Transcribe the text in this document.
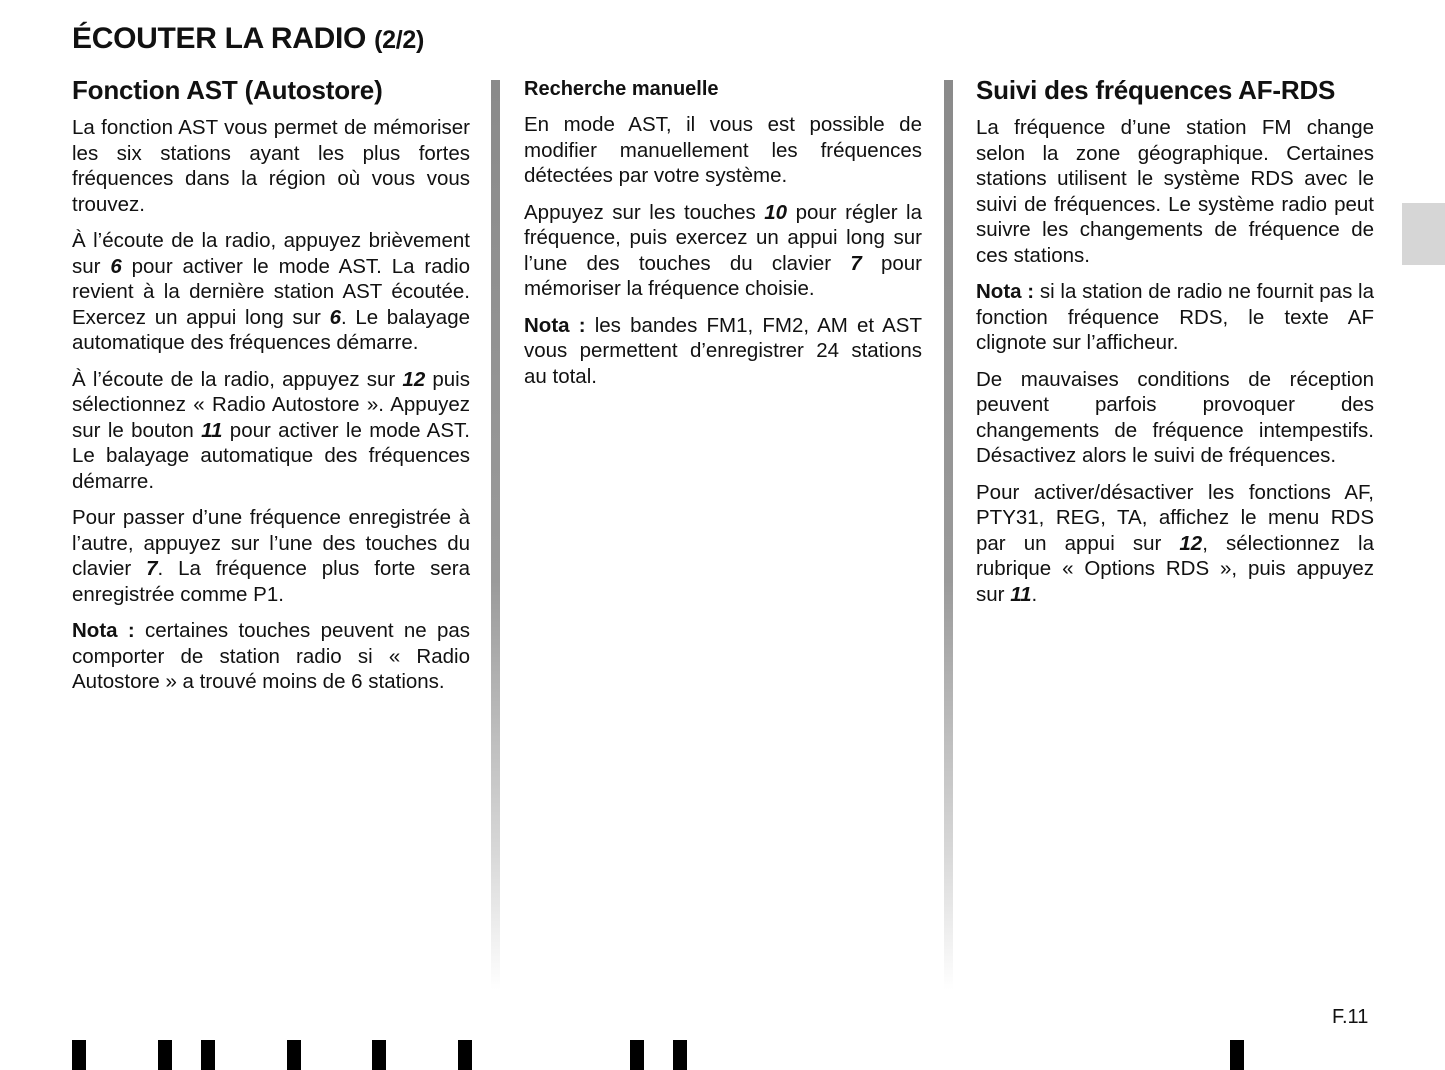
ÉCOUTER LA RADIO (2/2)
Fonction AST (Autostore)

La fonction AST vous permet de mémoriser les six stations ayant les plus fortes fréquences dans la région où vous vous trouvez.

À l’écoute de la radio, appuyez brièvement sur 6 pour activer le mode AST. La radio revient à la dernière station AST écoutée. Exercez un appui long sur 6. Le balayage automatique des fréquences démarre.

À l’écoute de la radio, appuyez sur 12 puis sélectionnez « Radio Autostore ». Appuyez sur le bouton 11 pour activer le mode AST. Le balayage automatique des fréquences démarre.

Pour passer d’une fréquence enregistrée à l’autre, appuyez sur l’une des touches du clavier 7. La fréquence plus forte sera enregistrée comme P1.

Nota : certaines touches peuvent ne pas comporter de station radio si « Radio Autostore » a trouvé moins de 6 stations.

Recherche manuelle

En mode AST, il vous est possible de modifier manuellement les fréquences détectées par votre système.

Appuyez sur les touches 10 pour régler la fréquence, puis exercez un appui long sur l’une des touches du clavier 7 pour mémoriser la fréquence choisie.

Nota : les bandes FM1, FM2, AM et AST vous permettent d’enregistrer 24 stations au total.

Suivi des fréquences AF-RDS

La fréquence d’une station FM change selon la zone géographique. Certaines stations utilisent le système RDS avec le suivi de fréquences. Le système radio peut suivre les changements de fréquence de ces stations.

Nota : si la station de radio ne fournit pas la fonction fréquence RDS, le texte AF clignote sur l’afficheur.

De mauvaises conditions de réception peuvent parfois provoquer des changements de fréquence intempestifs. Désactivez alors le suivi de fréquences.

Pour activer/désactiver les fonctions AF, PTY31, REG, TA, affichez le menu RDS par un appui sur 12, sélectionnez la rubrique « Options RDS », puis appuyez sur 11.

F.11
